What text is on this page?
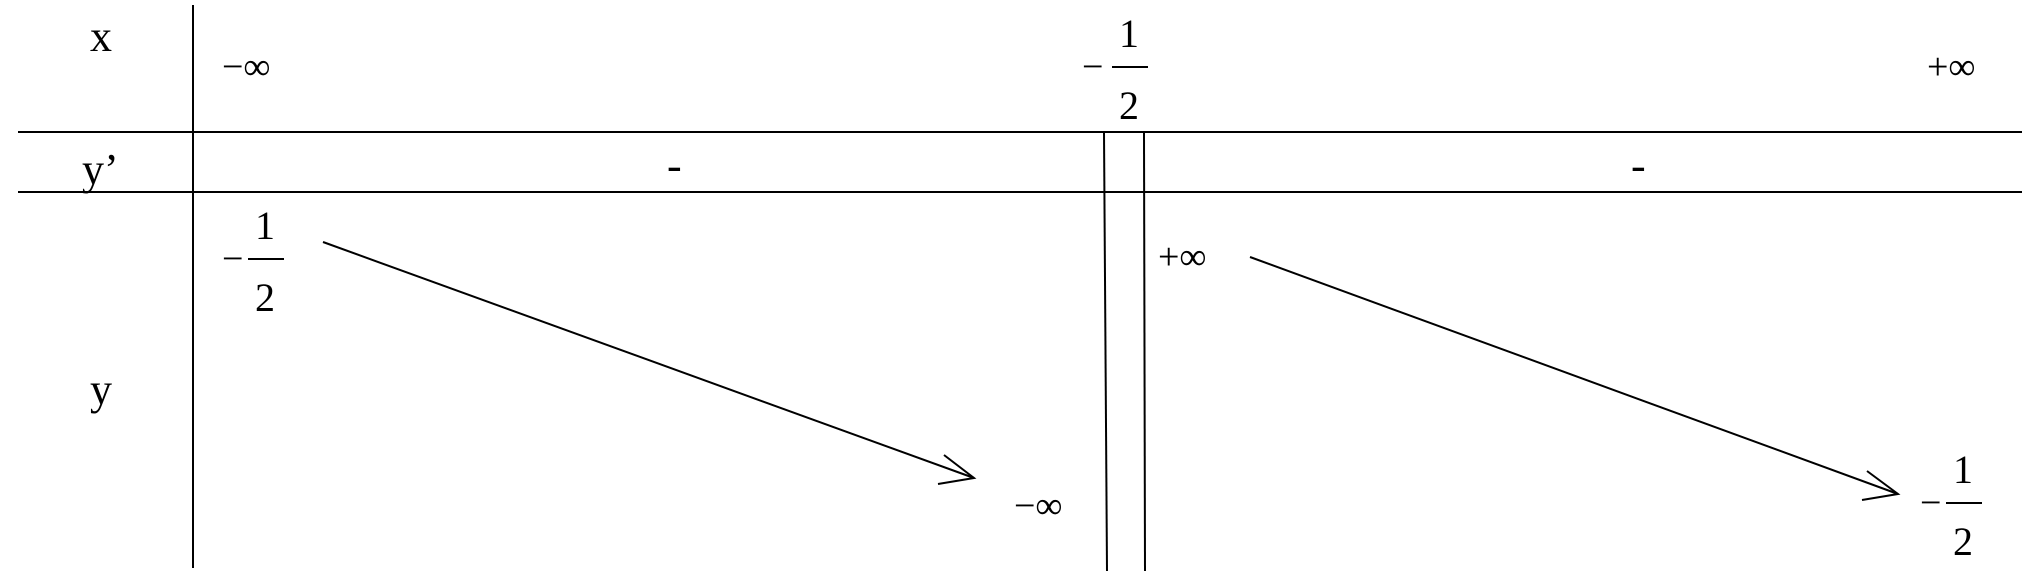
x
y’
y
−∞	−
1
2
+∞
-	-
−
1
2
−∞
+∞
−
1
2
